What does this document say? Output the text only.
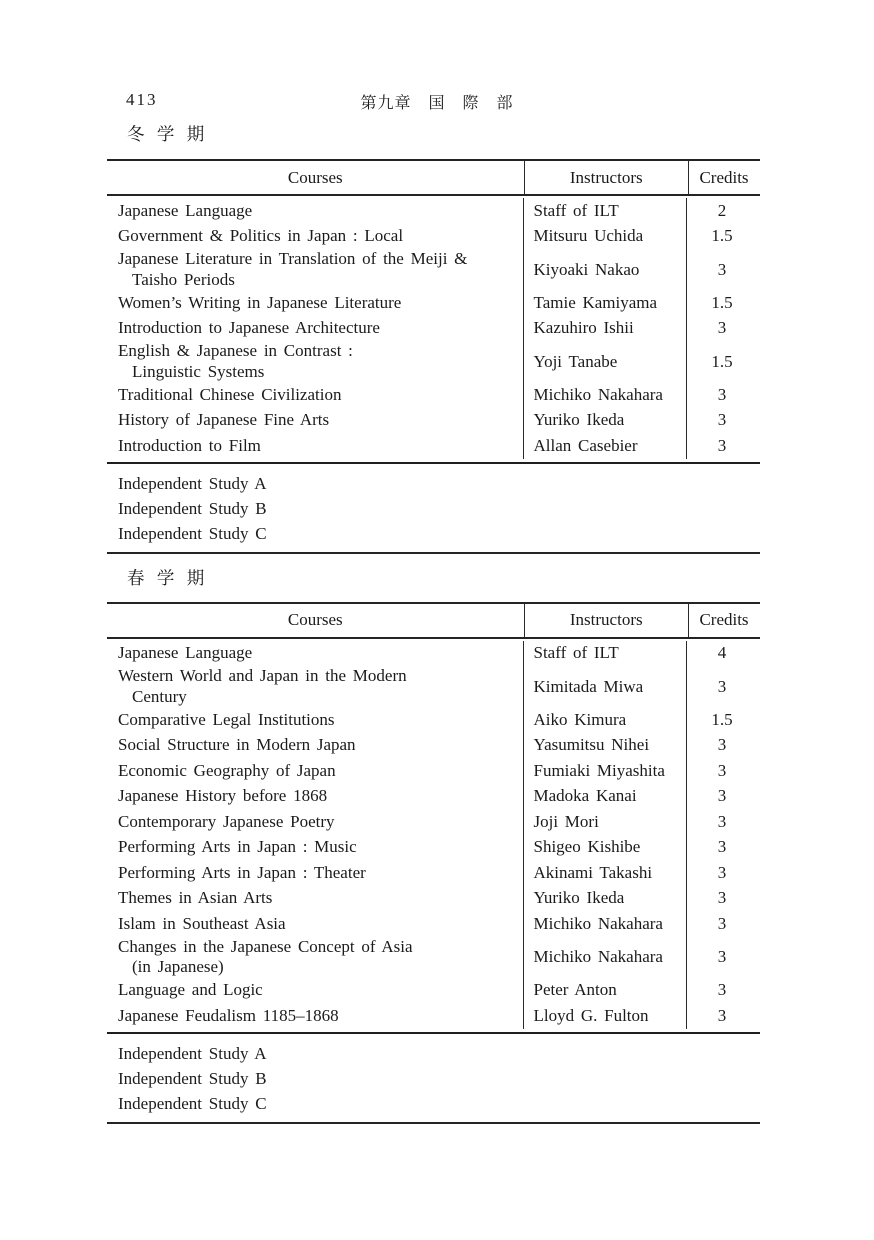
413	第九章 国 際 部
冬 学 期
Courses	Instructors	Credits
Japanese Language	Staff of ILT	2
Government & Politics in Japan : Local	Mitsuru Uchida	1.5
Japanese Literature in Translation of the Meiji &
Taisho Periods
Kiyoaki Nakao	3
Women’s Writing in Japanese Literature	Tamie Kamiyama	1.5
Introduction to Japanese Architecture	Kazuhiro Ishii	3
English & Japanese in Contrast :
Linguistic Systems
Yoji Tanabe	1.5
Traditional Chinese Civilization	Michiko Nakahara	3
History of Japanese Fine Arts	Yuriko Ikeda	3
Introduction to Film	Allan Casebier	3
Independent Study A
Independent Study B
Independent Study C
春 学 期
Courses	Instructors	Credits
Japanese Language	Staff of ILT	4
Western World and Japan in the Modern
Century
Kimitada Miwa	3
Comparative Legal Institutions	Aiko Kimura	1.5
Social Structure in Modern Japan	Yasumitsu Nihei	3
Economic Geography of Japan	Fumiaki Miyashita	3
Japanese History before 1868	Madoka Kanai	3
Contemporary Japanese Poetry	Joji Mori	3
Performing Arts in Japan : Music	Shigeo Kishibe	3
Performing Arts in Japan : Theater	Akinami Takashi	3
Themes in Asian Arts	Yuriko Ikeda	3
Islam in Southeast Asia	Michiko Nakahara	3
Changes in the Japanese Concept of Asia
(in Japanese)
Michiko Nakahara	3
Language and Logic	Peter Anton	3
Japanese Feudalism 1185–1868	Lloyd G. Fulton	3
Independent Study A
Independent Study B
Independent Study C
